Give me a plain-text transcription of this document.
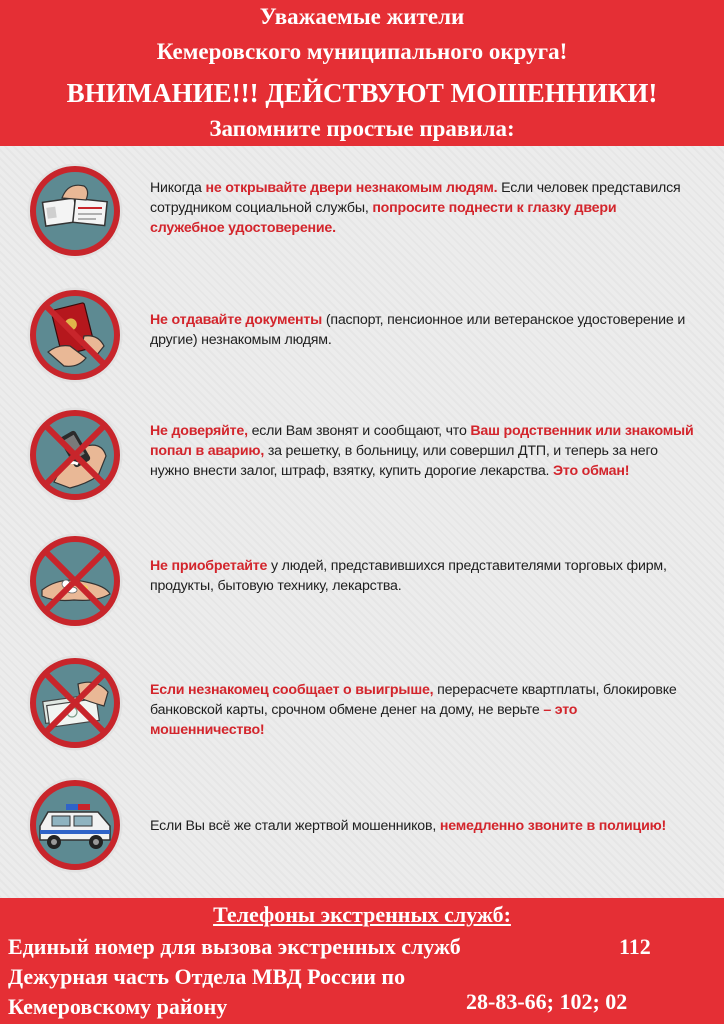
Уважаемые жители
Кемеровского муниципального округа!
ВНИМАНИЕ!!! ДЕЙСТВУЮТ МОШЕННИКИ!
Запомните простые правила:
Никогда не открывайте двери незнакомым людям. Если человек представился сотрудником социальной службы, попросите поднести к глазку двери служебное удостоверение.
Не отдавайте документы (паспорт, пенсионное или ветеранское удостоверение и другие) незнакомым людям.
Не доверяйте, если Вам звонят и сообщают, что Ваш родственник или знакомый попал в аварию, за решетку, в больницу, или совершил ДТП, и теперь за него нужно внести залог, штраф, взятку, купить дорогие лекарства. Это обман!
Не приобретайте у людей, представившихся представителями торговых фирм, продукты, бытовую технику, лекарства.
Если незнакомец сообщает о выигрыше, перерасчете квартплаты, блокировке банковской карты, срочном обмене денег на дому, не верьте – это мошенничество!
Если Вы всё же стали жертвой мошенников, немедленно звоните в полицию!
Телефоны экстренных служб:
Единый номер для вызова экстренных служб	112
Дежурная часть Отдела МВД России по
Кемеровскому району	28-83-66; 102; 02
